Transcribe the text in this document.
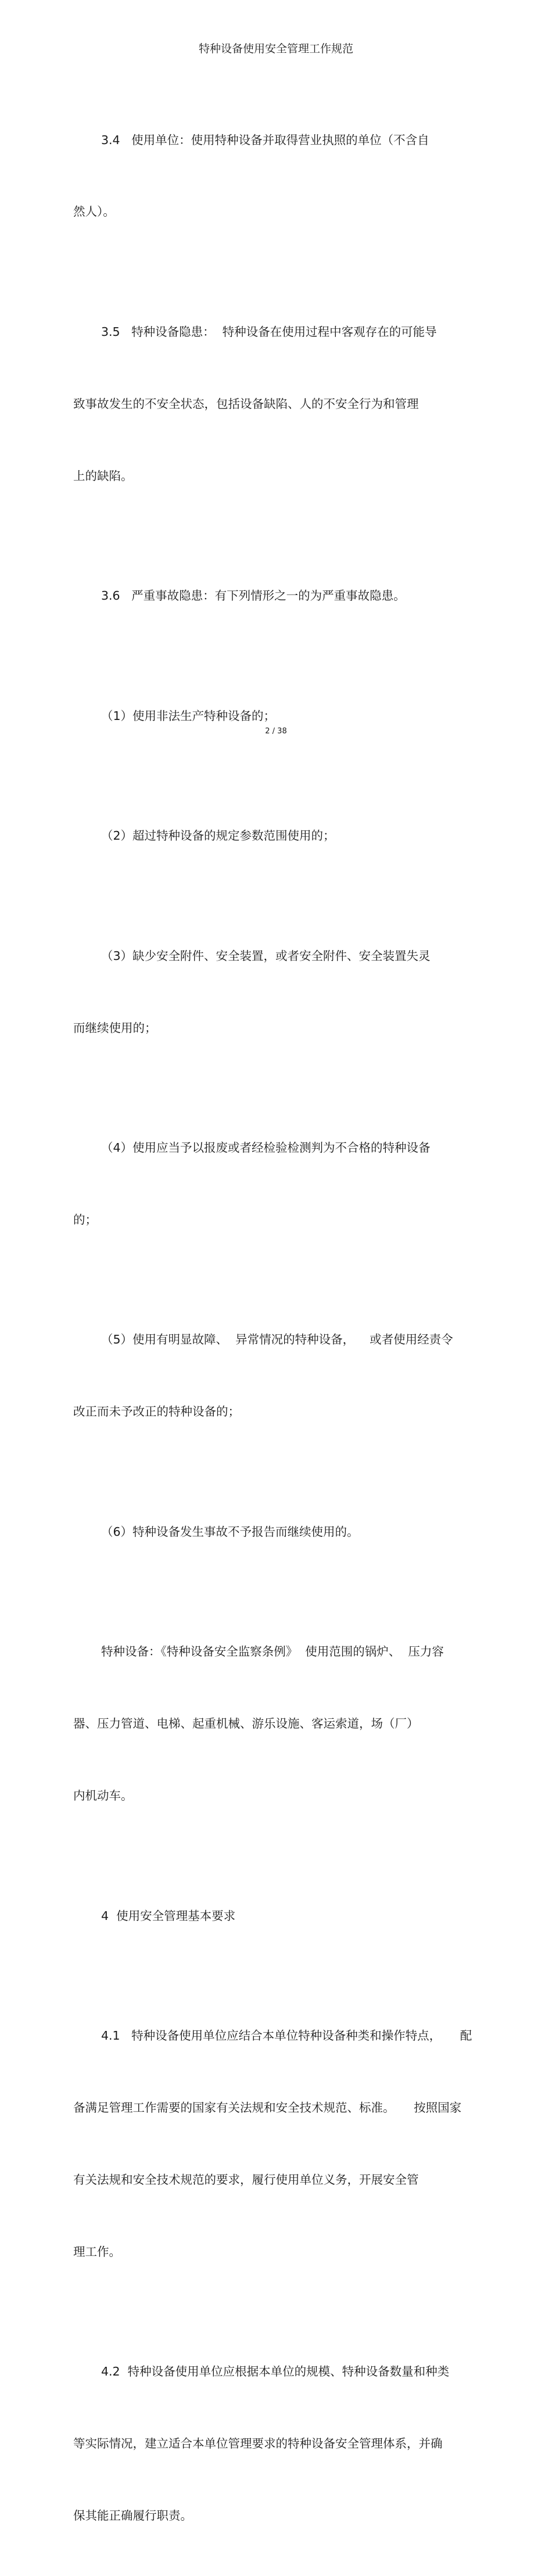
特种设备使用安全管理工作规范

3.4   使用单位：使用特种设备并取得营业执照的单位（不含自

然人）。

3.5   特种设备隐患：  特种设备在使用过程中客观存在的可能导

致事故发生的不安全状态，包括设备缺陷、人的不安全行为和管理

上的缺陷。

3.6   严重事故隐患：有下列情形之一的为严重事故隐患。

（1）使用非法生产特种设备的；

（2）超过特种设备的规定参数范围使用的；

（3）缺少安全附件、安全装置，或者安全附件、安全装置失灵

而继续使用的；

（4）使用应当予以报废或者经检验检测判为不合格的特种设备

的；

（5）使用有明显故障、  异常情况的特种设备，    或者使用经责令

改正而未予改正的特种设备的；

（6）特种设备发生事故不予报告而继续使用的。

特种设备：《特种设备安全监察条例》  使用范围的锅炉、  压力容

器、压力管道、电梯、起重机械、游乐设施、客运索道，场（厂）

内机动车。

4  使用安全管理基本要求

4.1   特种设备使用单位应结合本单位特种设备种类和操作特点，     配

备满足管理工作需要的国家有关法规和安全技术规范、标准。     按照国家

有关法规和安全技术规范的要求，履行使用单位义务，开展安全管

理工作。

4.2  特种设备使用单位应根据本单位的规模、特种设备数量和种类

等实际情况，建立适合本单位管理要求的特种设备安全管理体系，并确

保其能正确履行职责。

2 / 38
